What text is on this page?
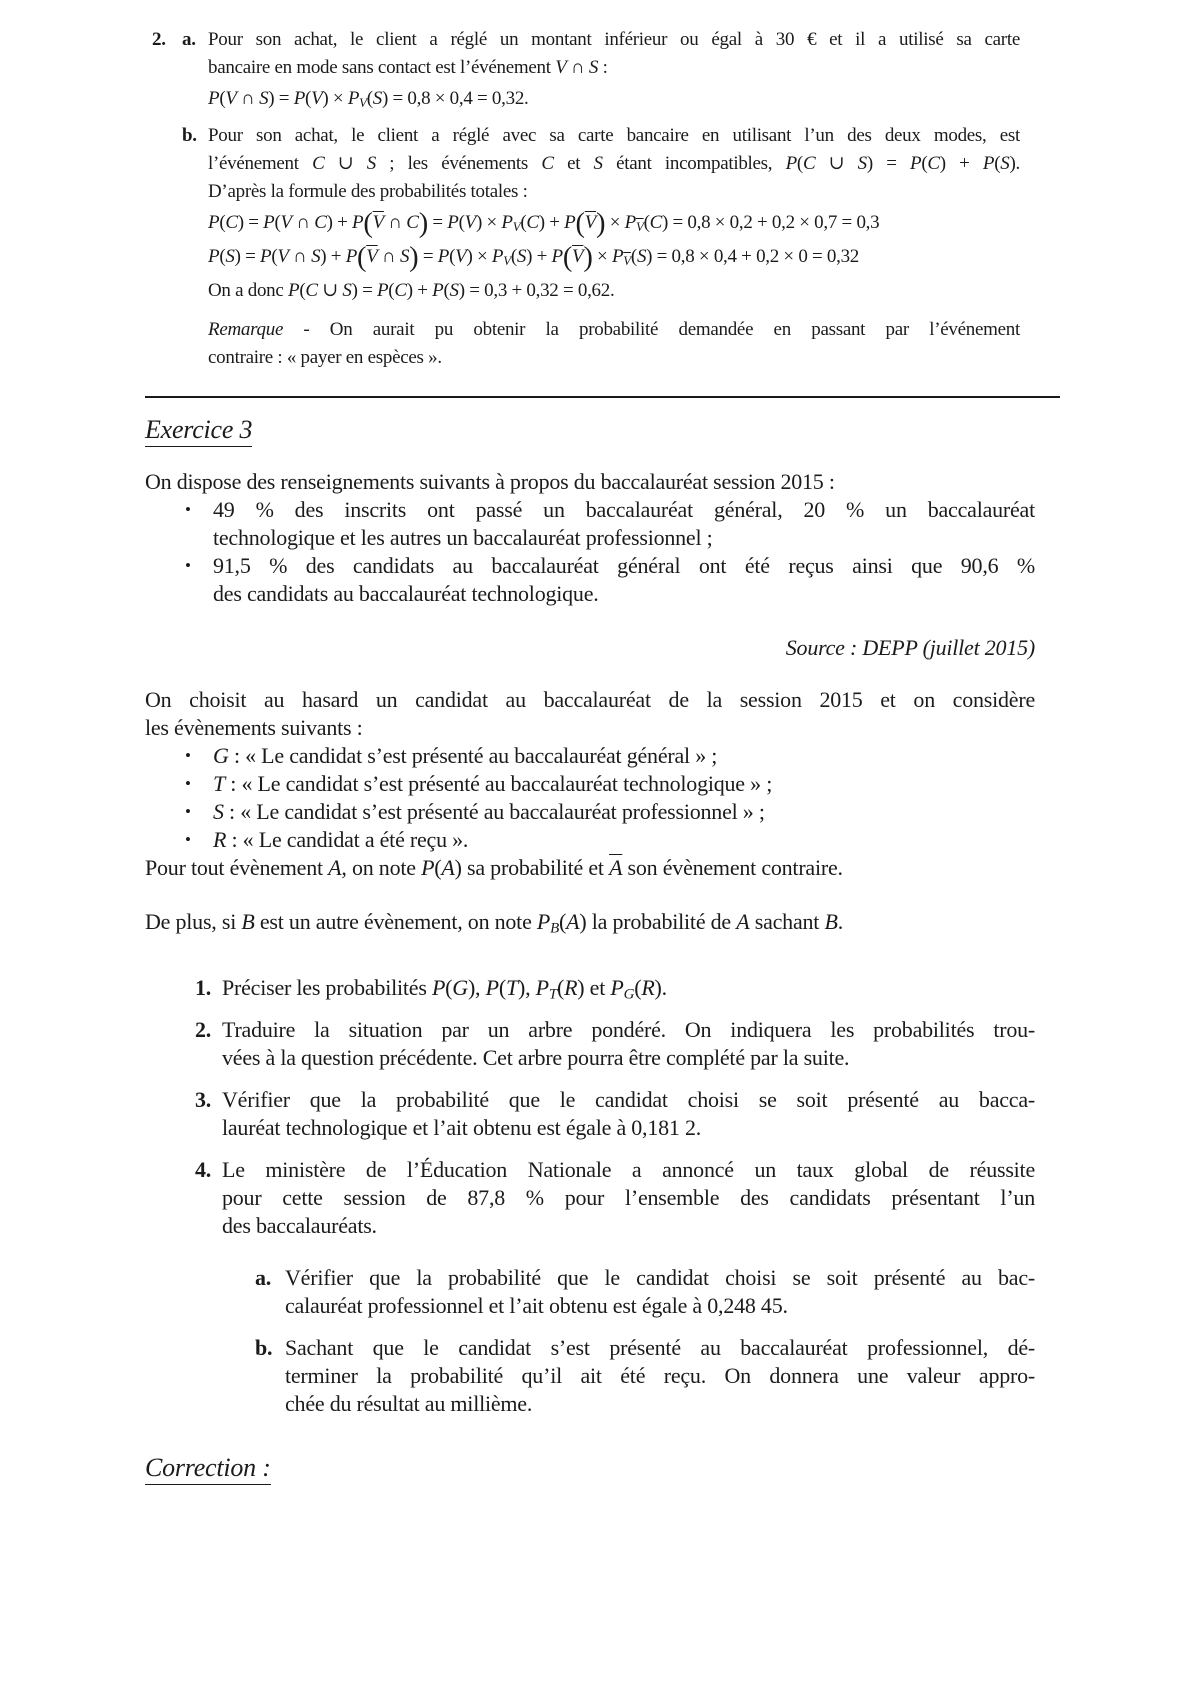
2. a. Pour son achat, le client a réglé un montant inférieur ou égal à 30 € et il a utilisé sa carte
bancaire en mode sans contact est l’événement V ∩ S :
P(V ∩ S) = P(V) × PV(S) = 0,8 × 0,4 = 0,32.
b. Pour son achat, le client a réglé avec sa carte bancaire en utilisant l’un des deux modes, est
l’événement C ∪ S ; les événements C et S étant incompatibles, P(C ∪ S) = P(C) + P(S).
D’après la formule des probabilités totales :
P(C) = P(V ∩ $C) + P(\overline{V}$ ∩ $C) = P(V) \times PV(C) + P(\overline{V}) \times P\overline{V}(C) = 0,8 \times 0,2 + 0,2 \times 0,7 = 0,3$
P(S) = P(V ∩ $S) + P(\overline{V}$ ∩ $S) = P(V) \times PV(S) + P(\overline{V}) \times P\overline{V}(S) = 0,8 \times 0,4 + 0,2 \times 0 = 0,32$
On a donc P(C ∪ S) = P(C) + P(S) = 0,3 + 0,32 = 0,62.
Remarque - On aurait pu obtenir la probabilité demandée en passant par l’événement
contraire : « payer en espèces ».
Exercice 3
On dispose des renseignements suivants à propos du baccalauréat session 2015 :
•	49 % des inscrits ont passé un baccalauréat général, 20 % un baccalauréat
technologique et les autres un baccalauréat professionnel ;
•	91,5 % des candidats au baccalauréat général ont été reçus ainsi que 90,6 %
des candidats au baccalauréat technologique.
Source : DEPP (juillet 2015)
On choisit au hasard un candidat au baccalauréat de la session 2015 et on considère
les évènements suivants :
•	G : « Le candidat s’est présenté au baccalauréat général » ;
•	T : « Le candidat s’est présenté au baccalauréat technologique » ;
•	S : « Le candidat s’est présenté au baccalauréat professionnel » ;
•	R : « Le candidat a été reçu ».
Pour tout évènement A, on note P(A) sa probabilité et $\overline{A}$ son évènement contraire.
De plus, si B est un autre évènement, on note PB(A) la probabilité de A sachant B.
1. Préciser les probabilités P(G), P(T), PT(R) et PG(R).
2. Traduire la situation par un arbre pondéré. On indiquera les probabilités trou-
vées à la question précédente. Cet arbre pourra être complété par la suite.
3. Vérifier que la probabilité que le candidat choisi se soit présenté au bacca-
lauréat technologique et l’ait obtenu est égale à 0,181 2.
4. Le ministère de l’Éducation Nationale a annoncé un taux global de réussite
pour cette session de 87,8 % pour l’ensemble des candidats présentant l’un
des baccalauréats.
a. Vérifier que la probabilité que le candidat choisi se soit présenté au bac-
calauréat professionnel et l’ait obtenu est égale à 0,248 45.
b. Sachant que le candidat s’est présenté au baccalauréat professionnel, dé-
terminer la probabilité qu’il ait été reçu. On donnera une valeur appro-
chée du résultat au millième.
Correction :
